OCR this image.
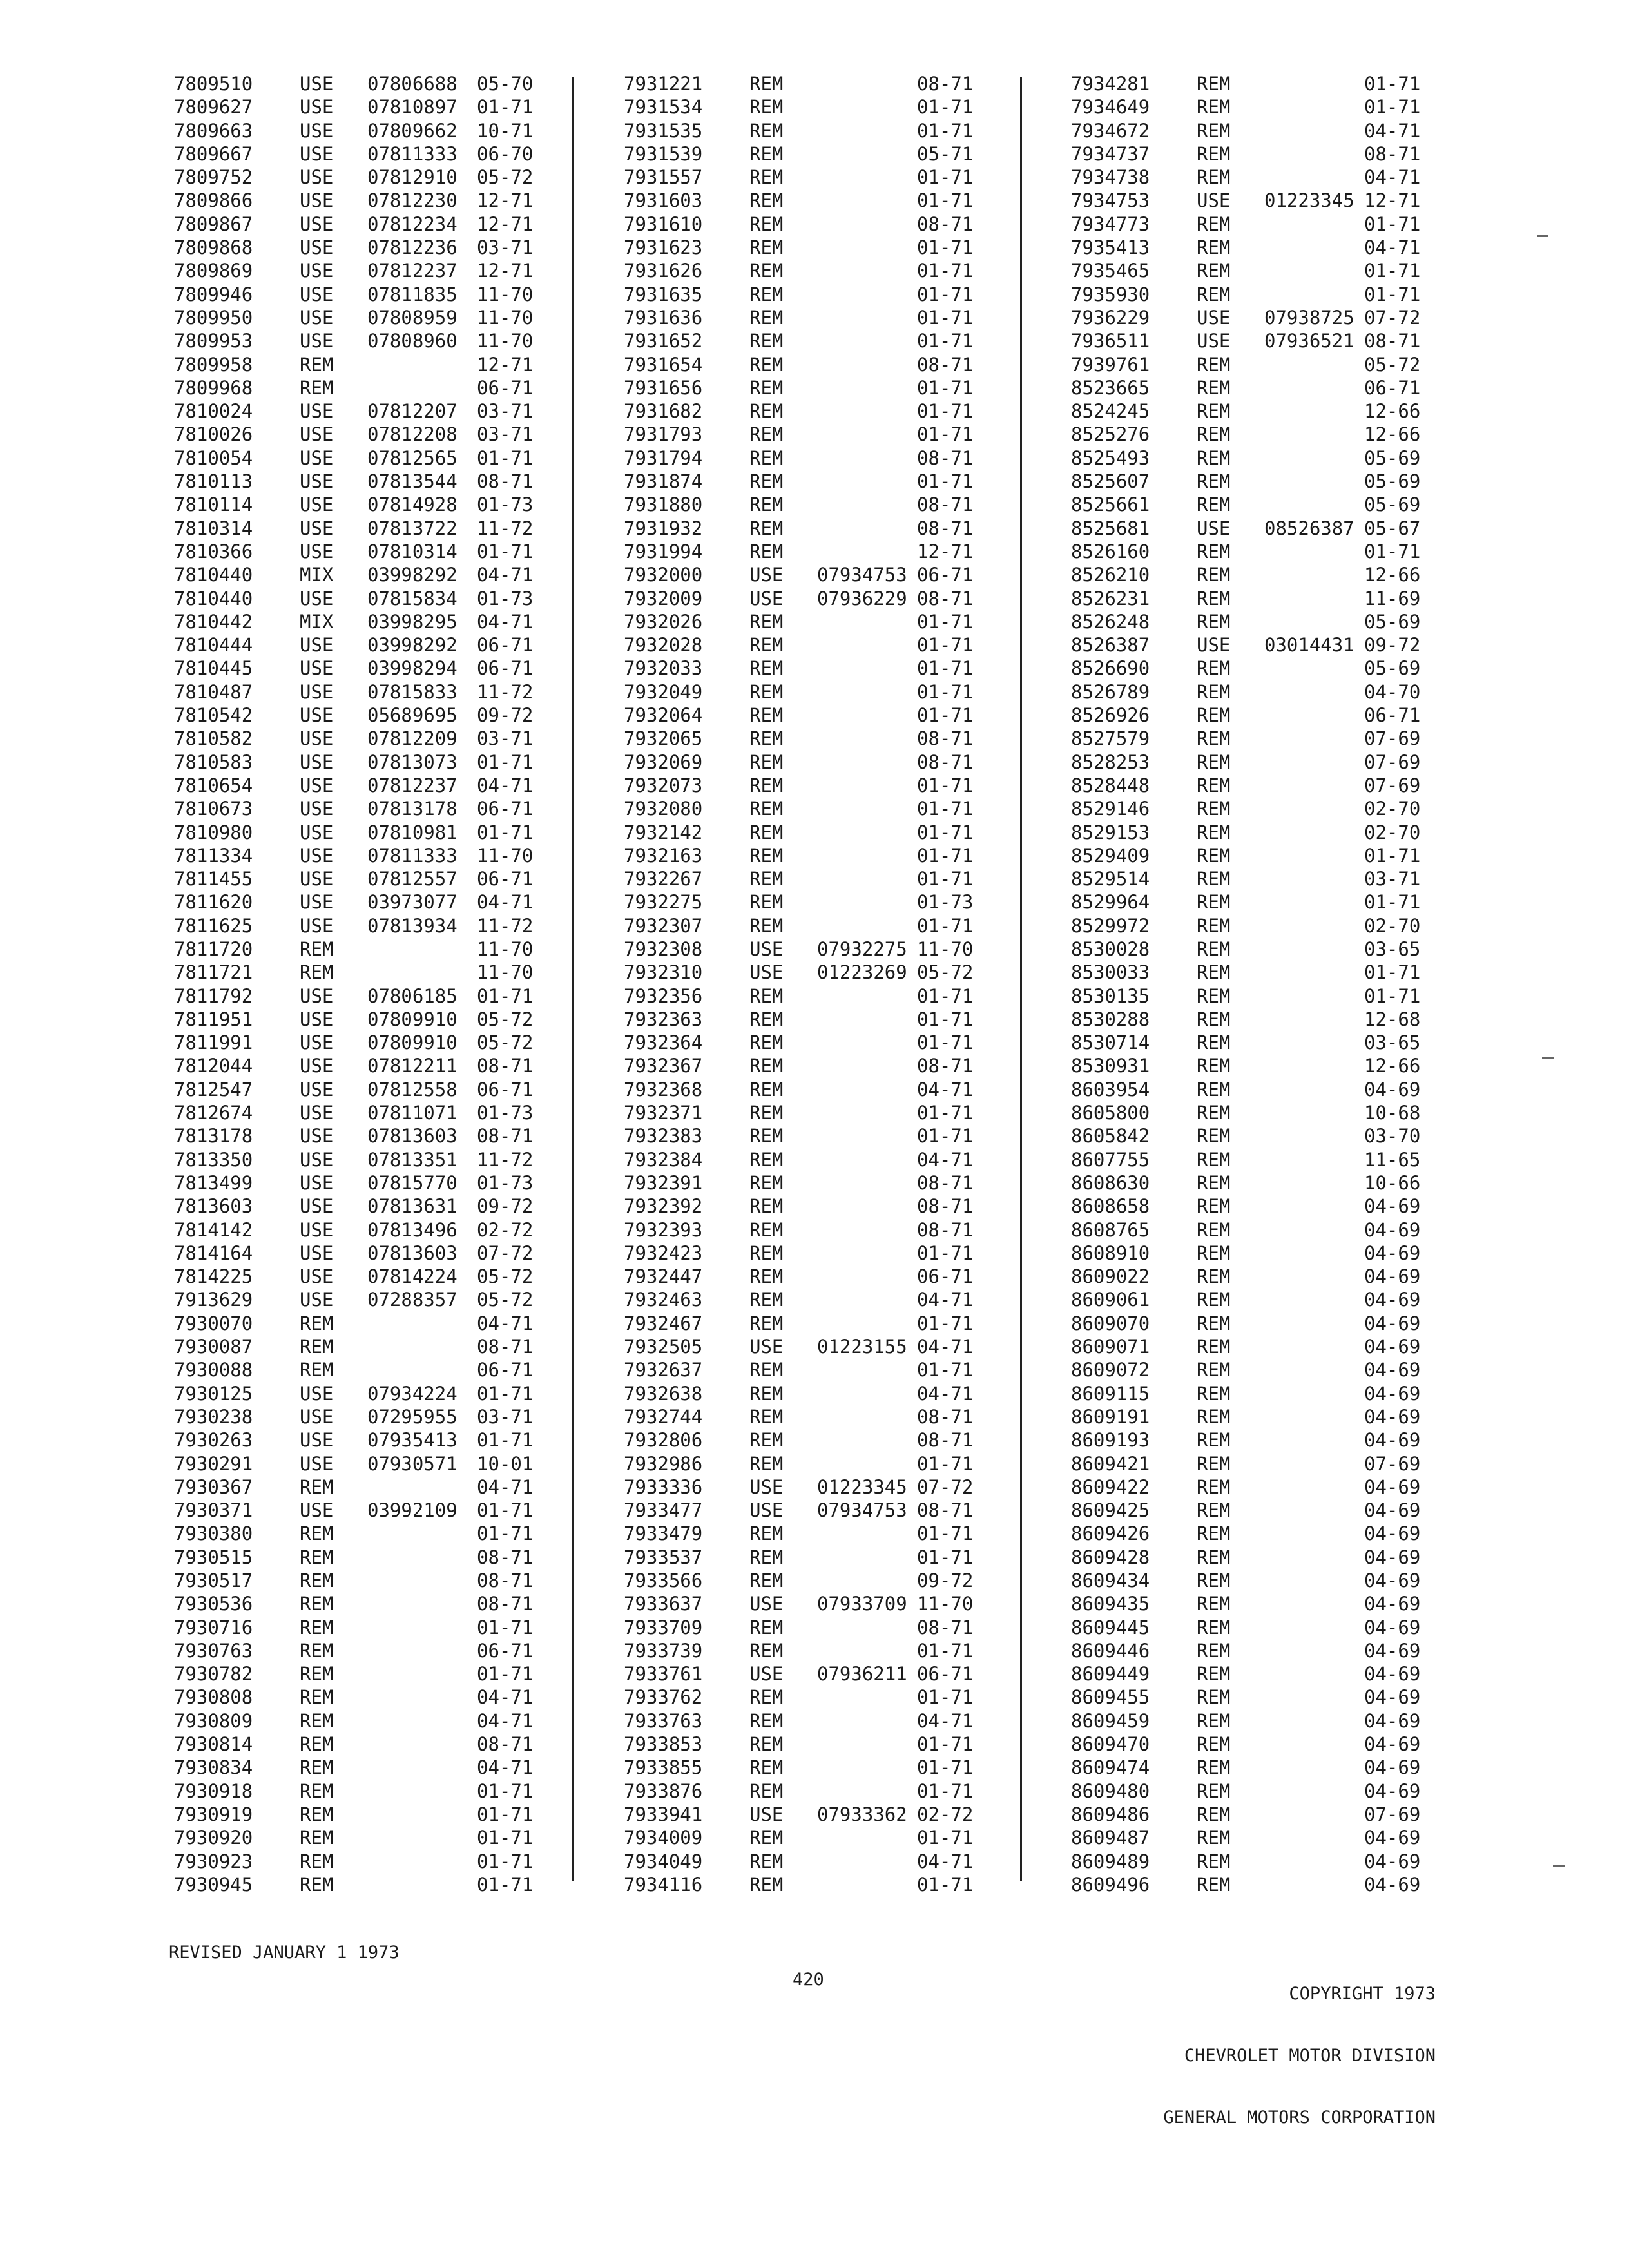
7809510	USE 07806688 05-70
7809627	USE 07810897 01-71
7809663	USE 07809662 10-71
7809667	USE 07811333 06-70
7809752	USE 07812910 05-72
7809866	USE 07812230 12-71
7809867	USE 07812234 12-71
7809868	USE 07812236 03-71
7809869	USE 07812237 12-71
7809946	USE 07811835 11-70
7809950	USE 07808959 11-70
7809953	USE 07808960 11-70
7809958	REM	12-71
7809968	REM	06-71
7810024	USE 07812207 03-71
7810026	USE 07812208 03-71
7810054	USE 07812565 01-71
7810113	USE 07813544 08-71
7810114	USE 07814928 01-73
7810314	USE 07813722 11-72
7810366	USE 07810314 01-71
7810440	MIX 03998292 04-71
7810440	USE 07815834 01-73
7810442	MIX 03998295 04-71
7810444	USE 03998292 06-71
7810445	USE 03998294 06-71
7810487	USE 07815833 11-72
7810542	USE 05689695 09-72
7810582	USE 07812209 03-71
7810583	USE 07813073 01-71
7810654	USE 07812237 04-71
7810673	USE 07813178 06-71
7810980	USE 07810981 01-71
7811334	USE 07811333 11-70
7811455	USE 07812557 06-71
7811620	USE 03973077 04-71
7811625	USE 07813934 11-72
7811720	REM	11-70
7811721	REM	11-70
7811792	USE 07806185 01-71
7811951	USE 07809910 05-72
7811991	USE 07809910 05-72
7812044	USE 07812211 08-71
7812547	USE 07812558 06-71
7812674	USE 07811071 01-73
7813178	USE 07813603 08-71
7813350	USE 07813351 11-72
7813499	USE 07815770 01-73
7813603	USE 07813631 09-72
7814142	USE 07813496 02-72
7814164	USE 07813603 07-72
7814225	USE 07814224 05-72
7913629	USE 07288357 05-72
7930070	REM	04-71
7930087	REM	08-71
7930088	REM	06-71
7930125	USE 07934224 01-71
7930238	USE 07295955 03-71
7930263	USE 07935413 01-71
7930291	USE 07930571 10-01
7930367	REM	04-71
7930371	USE 03992109 01-71
7930380	REM	01-71
7930515	REM	08-71
7930517	REM	08-71
7930536	REM	08-71
7930716	REM	01-71
7930763	REM	06-71
7930782	REM	01-71
7930808	REM	04-71
7930809	REM	04-71
7930814	REM	08-71
7930834	REM	04-71
7930918	REM	01-71
7930919	REM	01-71
7930920	REM	01-71
7930923	REM	01-71
7930945	REM	01-71
7931221	REM	08-71
7931534	REM	01-71
7931535	REM	01-71
7931539	REM	05-71
7931557	REM	01-71
7931603	REM	01-71
7931610	REM	08-71
7931623	REM	01-71
7931626	REM	01-71
7931635	REM	01-71
7931636	REM	01-71
7931652	REM	01-71
7931654	REM	08-71
7931656	REM	01-71
7931682	REM	01-71
7931793	REM	01-71
7931794	REM	08-71
7931874	REM	01-71
7931880	REM	08-71
7931932	REM	08-71
7931994	REM	12-71
7932000	USE 07934753 06-71
7932009	USE 07936229 08-71
7932026	REM	01-71
7932028	REM	01-71
7932033	REM	01-71
7932049	REM	01-71
7932064	REM	01-71
7932065	REM	08-71
7932069	REM	08-71
7932073	REM	01-71
7932080	REM	01-71
7932142	REM	01-71
7932163	REM	01-71
7932267	REM	01-71
7932275	REM	01-73
7932307	REM	01-71
7932308	USE 07932275 11-70
7932310	USE 01223269 05-72
7932356	REM	01-71
7932363	REM	01-71
7932364	REM	01-71
7932367	REM	08-71
7932368	REM	04-71
7932371	REM	01-71
7932383	REM	01-71
7932384	REM	04-71
7932391	REM	08-71
7932392	REM	08-71
7932393	REM	08-71
7932423	REM	01-71
7932447	REM	06-71
7932463	REM	04-71
7932467	REM	01-71
7932505	USE 01223155 04-71
7932637	REM	01-71
7932638	REM	04-71
7932744	REM	08-71
7932806	REM	08-71
7932986	REM	01-71
7933336	USE 01223345 07-72
7933477	USE 07934753 08-71
7933479	REM	01-71
7933537	REM	01-71
7933566	REM	09-72
7933637	USE 07933709 11-70
7933709	REM	08-71
7933739	REM	01-71
7933761	USE 07936211 06-71
7933762	REM	01-71
7933763	REM	04-71
7933853	REM	01-71
7933855	REM	01-71
7933876	REM	01-71
7933941	USE 07933362 02-72
7934009	REM	01-71
7934049	REM	04-71
7934116	REM	01-71
7934281	REM	01-71
7934649	REM	01-71
7934672	REM	04-71
7934737	REM	08-71
7934738	REM	04-71
7934753	USE 01223345 12-71
7934773	REM	01-71
7935413	REM	04-71
7935465	REM	01-71
7935930	REM	01-71
7936229	USE 07938725 07-72
7936511	USE 07936521 08-71
7939761	REM	05-72
8523665	REM	06-71
8524245	REM	12-66
8525276	REM	12-66
8525493	REM	05-69
8525607	REM	05-69
8525661	REM	05-69
8525681	USE 08526387 05-67
8526160	REM	01-71
8526210	REM	12-66
8526231	REM	11-69
8526248	REM	05-69
8526387	USE 03014431 09-72
8526690	REM	05-69
8526789	REM	04-70
8526926	REM	06-71
8527579	REM	07-69
8528253	REM	07-69
8528448	REM	07-69
8529146	REM	02-70
8529153	REM	02-70
8529409	REM	01-71
8529514	REM	03-71
8529964	REM	01-71
8529972	REM	02-70
8530028	REM	03-65
8530033	REM	01-71
8530135	REM	01-71
8530288	REM	12-68
8530714	REM	03-65
8530931	REM	12-66
8603954	REM	04-69
8605800	REM	10-68
8605842	REM	03-70
8607755	REM	11-65
8608630	REM	10-66
8608658	REM	04-69
8608765	REM	04-69
8608910	REM	04-69
8609022	REM	04-69
8609061	REM	04-69
8609070	REM	04-69
8609071	REM	04-69
8609072	REM	04-69
8609115	REM	04-69
8609191	REM	04-69
8609193	REM	04-69
8609421	REM	07-69
8609422	REM	04-69
8609425	REM	04-69
8609426	REM	04-69
8609428	REM	04-69
8609434	REM	04-69
8609435	REM	04-69
8609445	REM	04-69
8609446	REM	04-69
8609449	REM	04-69
8609455	REM	04-69
8609459	REM	04-69
8609470	REM	04-69
8609474	REM	04-69
8609480	REM	04-69
8609486	REM	07-69
8609487	REM	04-69
8609489	REM	04-69
8609496	REM	04-69
REVISED JANUARY 1 1973
420

COPYRIGHT 1973

CHEVROLET MOTOR DIVISION

GENERAL MOTORS CORPORATION
